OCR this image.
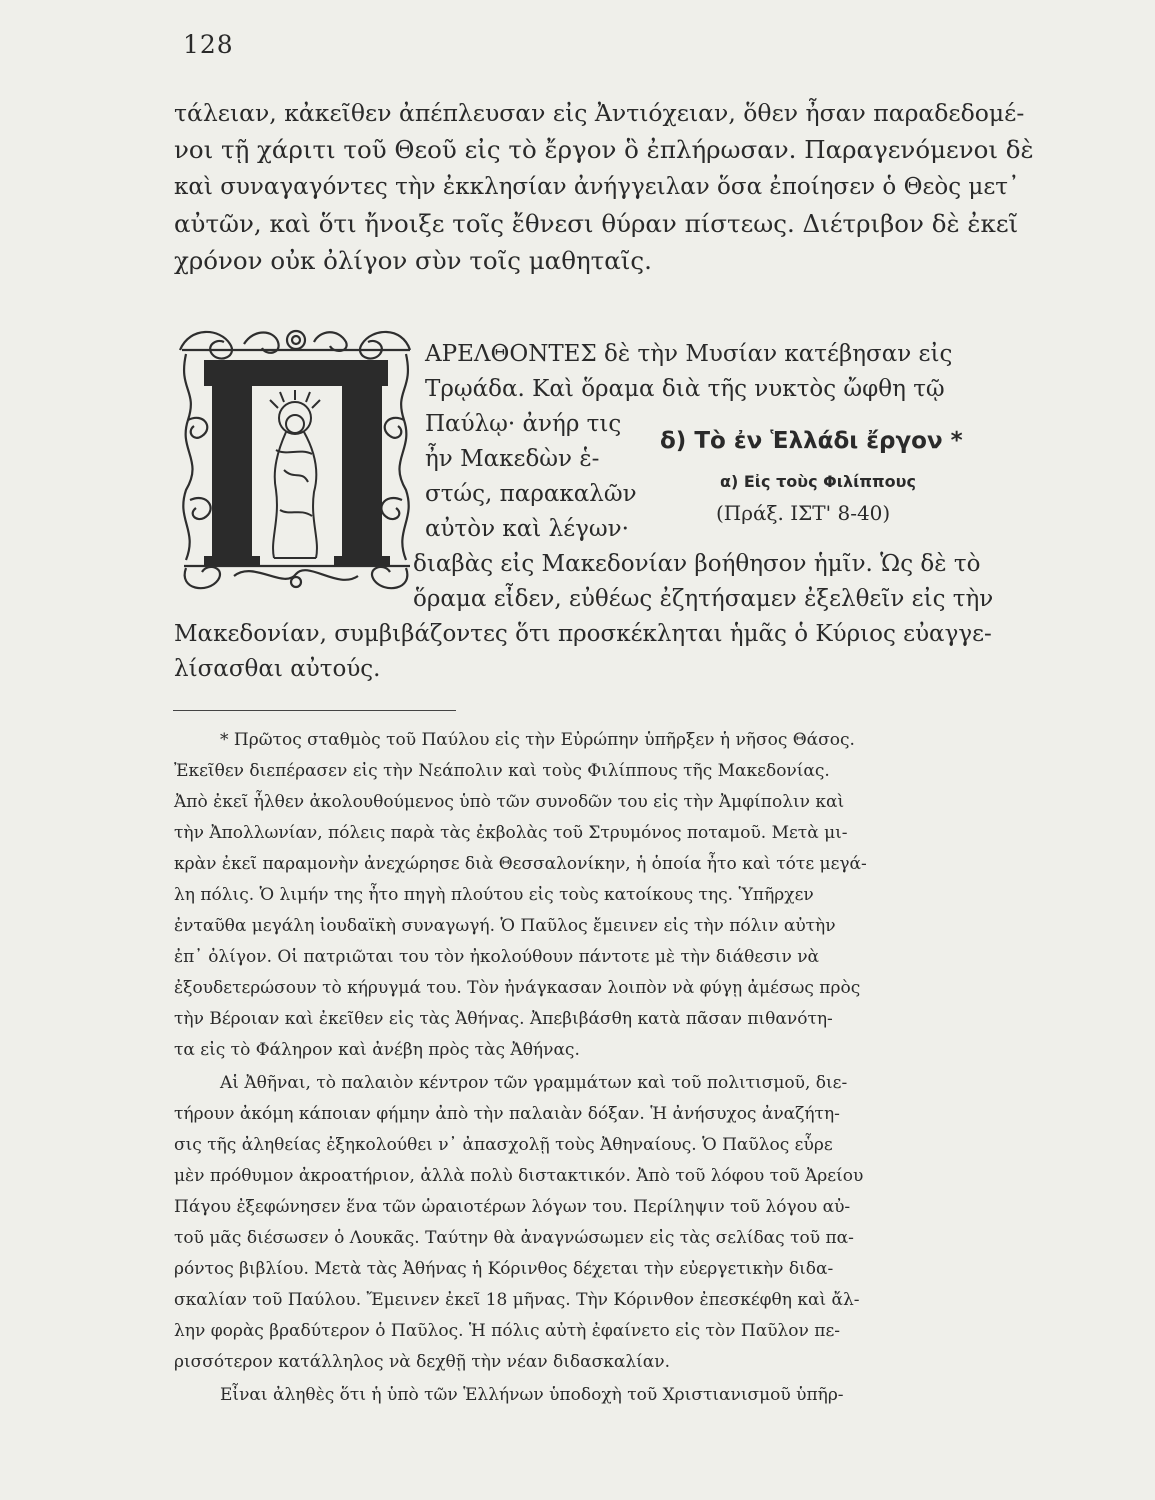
128
τάλειαν, κἀκεῖθεν ἀπέπλευσαν εἰς Ἀντιόχειαν, ὅθεν ἦσαν παραδεδομέ-
νοι τῇ χάριτι τοῦ Θεοῦ εἰς τὸ ἔργον ὃ ἐπλήρωσαν. Παραγενόμενοι δὲ
καὶ συναγαγόντες τὴν ἐκκλησίαν ἀνήγγειλαν ὅσα ἐποίησεν ὁ Θεὸς μετ᾽
αὐτῶν, καὶ ὅτι ἤνοιξε τοῖς ἔθνεσι θύραν πίστεως. Διέτριβον δὲ ἐκεῖ
χρόνον οὐκ ὀλίγον σὺν τοῖς μαθηταῖς.
δ) Τὸ ἐν Ἑλλάδι ἔργον *
α) Εἰς τοὺς Φιλίππους
(Πράξ. ΙΣΤ' 8-40)
ΑΡΕΛΘΟΝΤΕΣ δὲ τὴν Μυσίαν κατέβησαν εἰς
Τρῳάδα. Καὶ ὅραμα διὰ τῆς νυκτὸς ὤφθη τῷ
Παύλῳ· ἀνήρ τις
ἦν Μακεδὼν ἑ-
στώς, παρακαλῶν
αὐτὸν καὶ λέγων·
διαβὰς εἰς Μακεδονίαν βοήθησον ἡμῖν. Ὡς δὲ τὸ
ὅραμα εἶδεν, εὐθέως ἐζητήσαμεν ἐξελθεῖν εἰς τὴν
Μακεδονίαν, συμβιβάζοντες ὅτι προσκέκληται ἡμᾶς ὁ Κύριος εὐαγγε-
λίσασθαι αὐτούς.
* Πρῶτος σταθμὸς τοῦ Παύλου εἰς τὴν Εὐρώπην ὑπῆρξεν ἡ νῆσος Θάσος.
Ἐκεῖθεν διεπέρασεν εἰς τὴν Νεάπολιν καὶ τοὺς Φιλίππους τῆς Μακεδονίας.
Ἀπὸ ἐκεῖ ἦλθεν ἀκολουθούμενος ὑπὸ τῶν συνοδῶν του εἰς τὴν Ἀμφίπολιν καὶ
τὴν Ἀπολλωνίαν, πόλεις παρὰ τὰς ἐκβολὰς τοῦ Στρυμόνος ποταμοῦ. Μετὰ μι-
κρὰν ἐκεῖ παραμονὴν ἀνεχώρησε διὰ Θεσσαλονίκην, ἡ ὁποία ἦτο καὶ τότε μεγά-
λη πόλις. Ὁ λιμήν της ἦτο πηγὴ πλούτου εἰς τοὺς κατοίκους της. Ὑπῆρχεν
ἐνταῦθα μεγάλη ἰουδαϊκὴ συναγωγή. Ὁ Παῦλος ἔμεινεν εἰς τὴν πόλιν αὐτὴν
ἐπ᾽ ὀλίγον. Οἱ πατριῶται του τὸν ἠκολούθουν πάντοτε μὲ τὴν διάθεσιν νὰ
ἐξουδετερώσουν τὸ κήρυγμά του. Τὸν ἠνάγκασαν λοιπὸν νὰ φύγῃ ἀμέσως πρὸς
τὴν Βέροιαν καὶ ἐκεῖθεν εἰς τὰς Ἀθήνας. Ἀπεβιβάσθη κατὰ πᾶσαν πιθανότη-
τα εἰς τὸ Φάληρον καὶ ἀνέβη πρὸς τὰς Ἀθήνας.
Αἱ Ἀθῆναι, τὸ παλαιὸν κέντρον τῶν γραμμάτων καὶ τοῦ πολιτισμοῦ, διε-
τήρουν ἀκόμη κάποιαν φήμην ἀπὸ τὴν παλαιὰν δόξαν. Ἡ ἀνήσυχος ἀναζήτη-
σις τῆς ἀληθείας ἐξηκολούθει ν᾽ ἀπασχολῇ τοὺς Ἀθηναίους. Ὁ Παῦλος εὗρε
μὲν πρόθυμον ἀκροατήριον, ἀλλὰ πολὺ διστακτικόν. Ἀπὸ τοῦ λόφου τοῦ Ἀρείου
Πάγου ἐξεφώνησεν ἕνα τῶν ὡραιοτέρων λόγων του. Περίληψιν τοῦ λόγου αὐ-
τοῦ μᾶς διέσωσεν ὁ Λουκᾶς. Ταύτην θὰ ἀναγνώσωμεν εἰς τὰς σελίδας τοῦ πα-
ρόντος βιβλίου. Μετὰ τὰς Ἀθήνας ἡ Κόρινθος δέχεται τὴν εὐεργετικὴν διδα-
σκαλίαν τοῦ Παύλου. Ἔμεινεν ἐκεῖ 18 μῆνας. Τὴν Κόρινθον ἐπεσκέφθη καὶ ἄλ-
λην φορὰς βραδύτερον ὁ Παῦλος. Ἡ πόλις αὐτὴ ἐφαίνετο εἰς τὸν Παῦλον πε-
ρισσότερον κατάλληλος νὰ δεχθῇ τὴν νέαν διδασκαλίαν.
Εἶναι ἀληθὲς ὅτι ἡ ὑπὸ τῶν Ἑλλήνων ὑποδοχὴ τοῦ Χριστιανισμοῦ ὑπῆρ-
